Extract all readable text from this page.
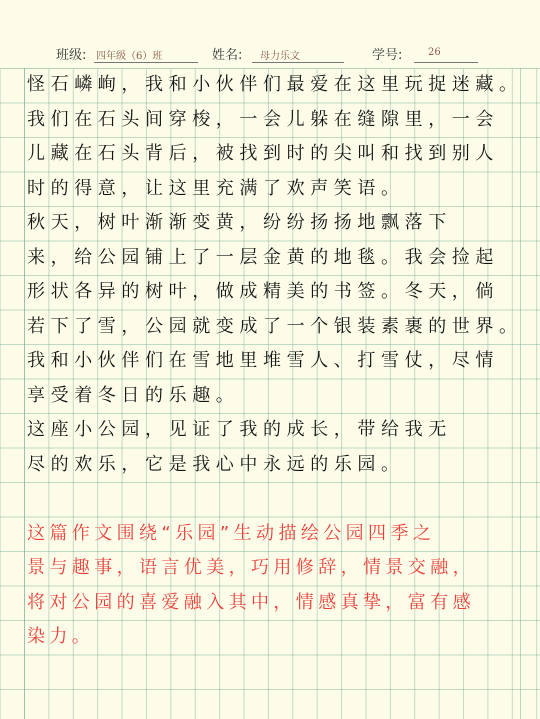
班级: 四年级（6）班	姓名: 母力乐文	学号:	26
怪石嶙峋，我和小伙伴们最爱在这里玩捉迷藏。
我们在石头间穿梭，一会儿躲在缝隙里，一会
儿藏在石头背后，被找到时的尖叫和找到别人
时的得意，让这里充满了欢声笑语。
秋天，树叶渐渐变黄，纷纷扬扬地飘落下
来，给公园铺上了一层金黄的地毯。我会捡起
形状各异的树叶，做成精美的书签。冬天，倘
若下了雪，公园就变成了一个银装素裹的世界。
我和小伙伴们在雪地里堆雪人、打雪仗，尽情
享受着冬日的乐趣。
这座小公园，见证了我的成长，带给我无
尽的欢乐，它是我心中永远的乐园。
这篇作文围绕“乐园”生动描绘公园四季之
景与趣事，语言优美，巧用修辞，情景交融，
将对公园的喜爱融入其中，情感真挚，富有感
染力。
